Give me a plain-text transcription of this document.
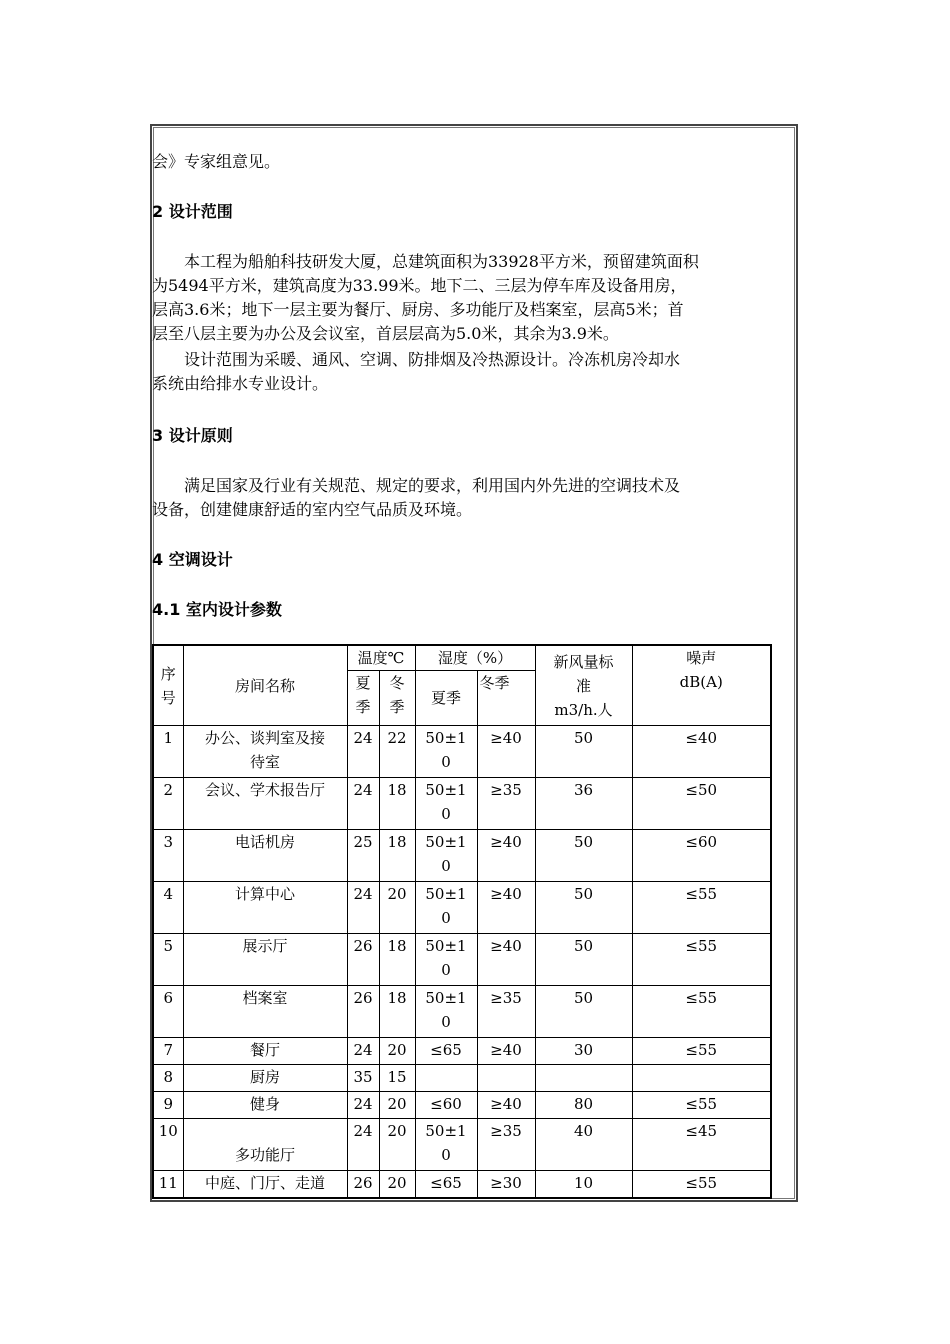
会》专家组意见。
2 设计范围
　　本工程为船舶科技研发大厦，总建筑面积为33928平方米，预留建筑面积
为5494平方米，建筑高度为33.99米。地下二、三层为停车库及设备用房，
层高3.6米；地下一层主要为餐厅、厨房、多功能厅及档案室，层高5米；首
层至八层主要为办公及会议室，首层层高为5.0米，其余为3.9米。
　　设计范围为采暖、通风、空调、防排烟及冷热源设计。冷冻机房冷却水
系统由给排水专业设计。
3 设计原则
　　满足国家及行业有关规范、规定的要求，利用国内外先进的空调技术及
设备，创建健康舒适的室内空气品质及环境。
4 空调设计
4.1 室内设计参数
序
号	房间名称	温度℃		湿度（%）		新风量标
准
m3/h.人	噪声
dB(A)

		夏
季	冬
季	夏季	冬季		

1	办公、谈判室及接
待室	24	22	50±1
0	≥40	50	≤40

2	会议、学术报告厅	24	18	50±1
0	≥35	36	≤50

3	电话机房	25	18	50±1
0	≥40	50	≤60

4	计算中心	24	20	50±1
0	≥40	50	≤55

5	展示厅	26	18	50±1
0	≥40	50	≤55

6	档案室	26	18	50±1
0	≥35	50	≤55

7	餐厅	24	20	≤65	≥40	30	≤55

8	厨房	35	15				

9	健身	24	20	≤60	≥40	80	≤55

10	多功能厅	24	20	50±1
0	≥35	40	≤45

11	中庭、门厅、走道	26	20	≤65	≥30	10	≤55
